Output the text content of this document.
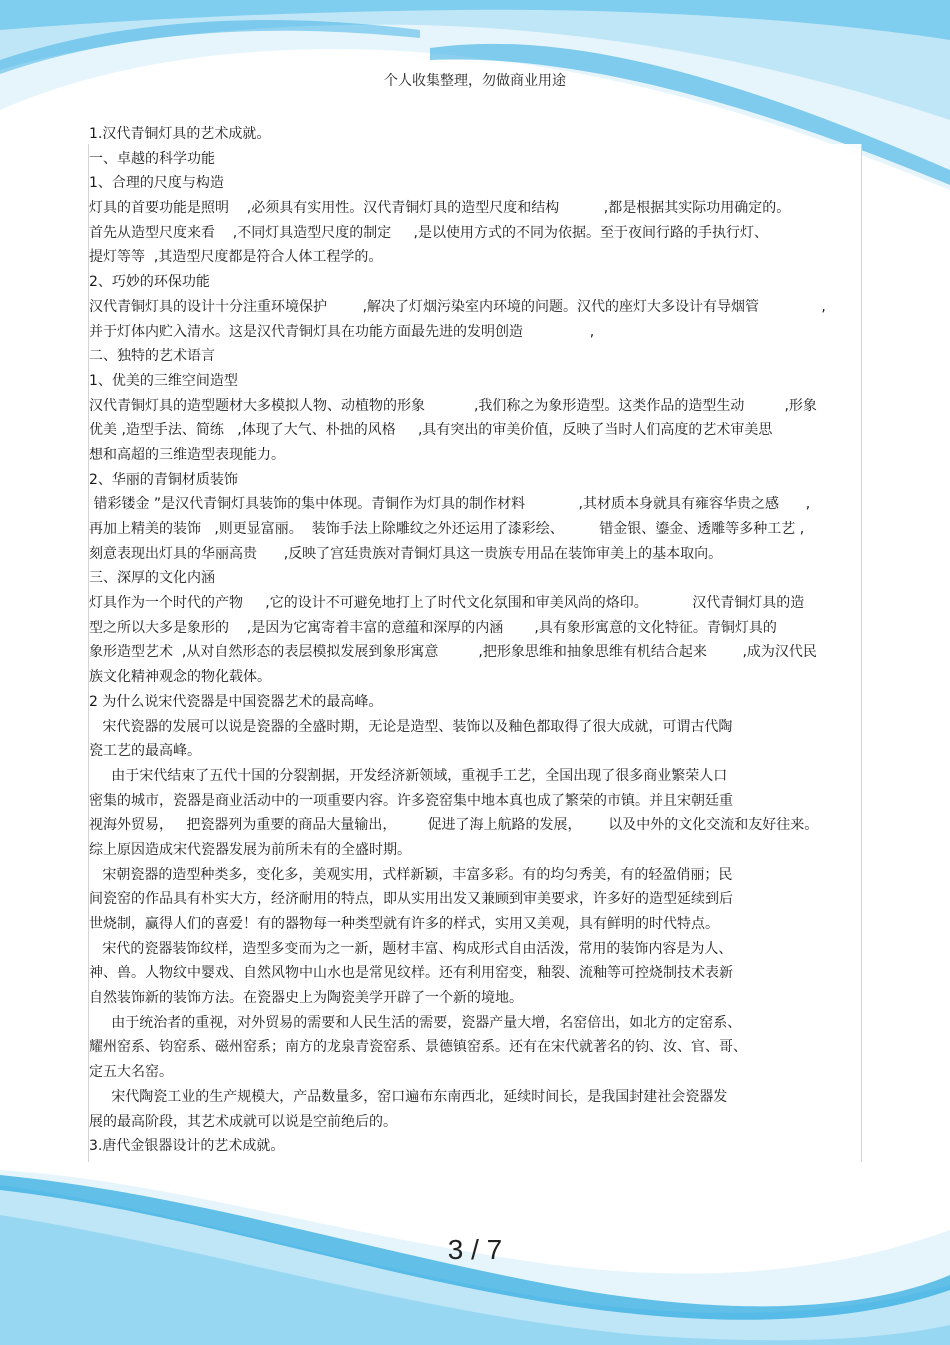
个人收集整理，勿做商业用途
1.汉代青铜灯具的艺术成就。
一、卓越的科学功能
1、合理的尺度与构造
灯具的首要功能是照明    ,必须具有实用性。汉代青铜灯具的造型尺度和结构          ,都是根据其实际功用确定的。
首先从造型尺度来看    ,不同灯具造型尺度的制定     ,是以使用方式的不同为依据。至于夜间行路的手执行灯、
提灯等等  ,其造型尺度都是符合人体工程学的。
2、巧妙的环保功能
汉代青铜灯具的设计十分注重环境保护        ,解决了灯烟污染室内环境的问题。汉代的座灯大多设计有导烟管              ,
并于灯体内贮入清水。这是汉代青铜灯具在功能方面最先进的发明创造               ,
二、独特的艺术语言
1、优美的三维空间造型
汉代青铜灯具的造型题材大多模拟人物、动植物的形象           ,我们称之为象形造型。这类作品的造型生动         ,形象
优美 ,造型手法、简练   ,体现了大气、朴拙的风格     ,具有突出的审美价值，反映了当时人们高度的艺术审美思
想和高超的三维造型表现能力。
2、华丽的青铜材质装饰
错彩镂金 ”是汉代青铜灯具装饰的集中体现。青铜作为灯具的制作材料            ,其材质本身就具有雍容华贵之感      ,
再加上精美的装饰   ,则更显富丽。  装饰手法上除雕纹之外还运用了漆彩绘、        错金银、鎏金、透雕等多种工艺 ,
刻意表现出灯具的华丽高贵      ,反映了宫廷贵族对青铜灯具这一贵族专用品在装饰审美上的基本取向。
三、深厚的文化内涵
灯具作为一个时代的产物     ,它的设计不可避免地打上了时代文化氛围和审美风尚的烙印。          汉代青铜灯具的造
型之所以大多是象形的    ,是因为它寓寄着丰富的意蕴和深厚的内涵       ,具有象形寓意的文化特征。青铜灯具的
象形造型艺术  ,从对自然形态的表层模拟发展到象形寓意         ,把形象思维和抽象思维有机结合起来        ,成为汉代民
族文化精神观念的物化载体。
2 为什么说宋代瓷器是中国瓷器艺术的最高峰。
宋代瓷器的发展可以说是瓷器的全盛时期，无论是造型、装饰以及釉色都取得了很大成就，可谓古代陶
瓷工艺的最高峰。
由于宋代结束了五代十国的分裂割据，开发经济新领域，重视手工艺，全国出现了很多商业繁荣人口
密集的城市，瓷器是商业活动中的一项重要内容。许多瓷窑集中地本真也成了繁荣的市镇。并且宋朝廷重
视海外贸易，   把瓷器列为重要的商品大量输出，       促进了海上航路的发展，      以及中外的文化交流和友好往来。
综上原因造成宋代瓷器发展为前所未有的全盛时期。
宋朝瓷器的造型种类多，变化多，美观实用，式样新颖，丰富多彩。有的均匀秀美，有的轻盈俏丽；民
间瓷窑的作品具有朴实大方，经济耐用的特点，即从实用出发又兼顾到审美要求，许多好的造型延续到后
世烧制，赢得人们的喜爱！有的器物每一种类型就有许多的样式，实用又美观，具有鲜明的时代特点。
宋代的瓷器装饰纹样，造型多变而为之一新，题材丰富、构成形式自由活泼，常用的装饰内容是为人、
神、兽。人物纹中婴戏、自然风物中山水也是常见纹样。还有利用窑变，釉裂、流釉等可控烧制技术表新
自然装饰新的装饰方法。在瓷器史上为陶瓷美学开辟了一个新的境地。
由于统治者的重视，对外贸易的需要和人民生活的需要，瓷器产量大增，名窑倍出，如北方的定窑系、
耀州窑系、钧窑系、磁州窑系；南方的龙泉青瓷窑系、景德镇窑系。还有在宋代就著名的钧、汝、官、哥、
定五大名窑。
宋代陶瓷工业的生产规模大，产品数量多，窑口遍布东南西北，延续时间长，是我国封建社会瓷器发
展的最高阶段，其艺术成就可以说是空前绝后的。
3.唐代金银器设计的艺术成就。
3 / 7
